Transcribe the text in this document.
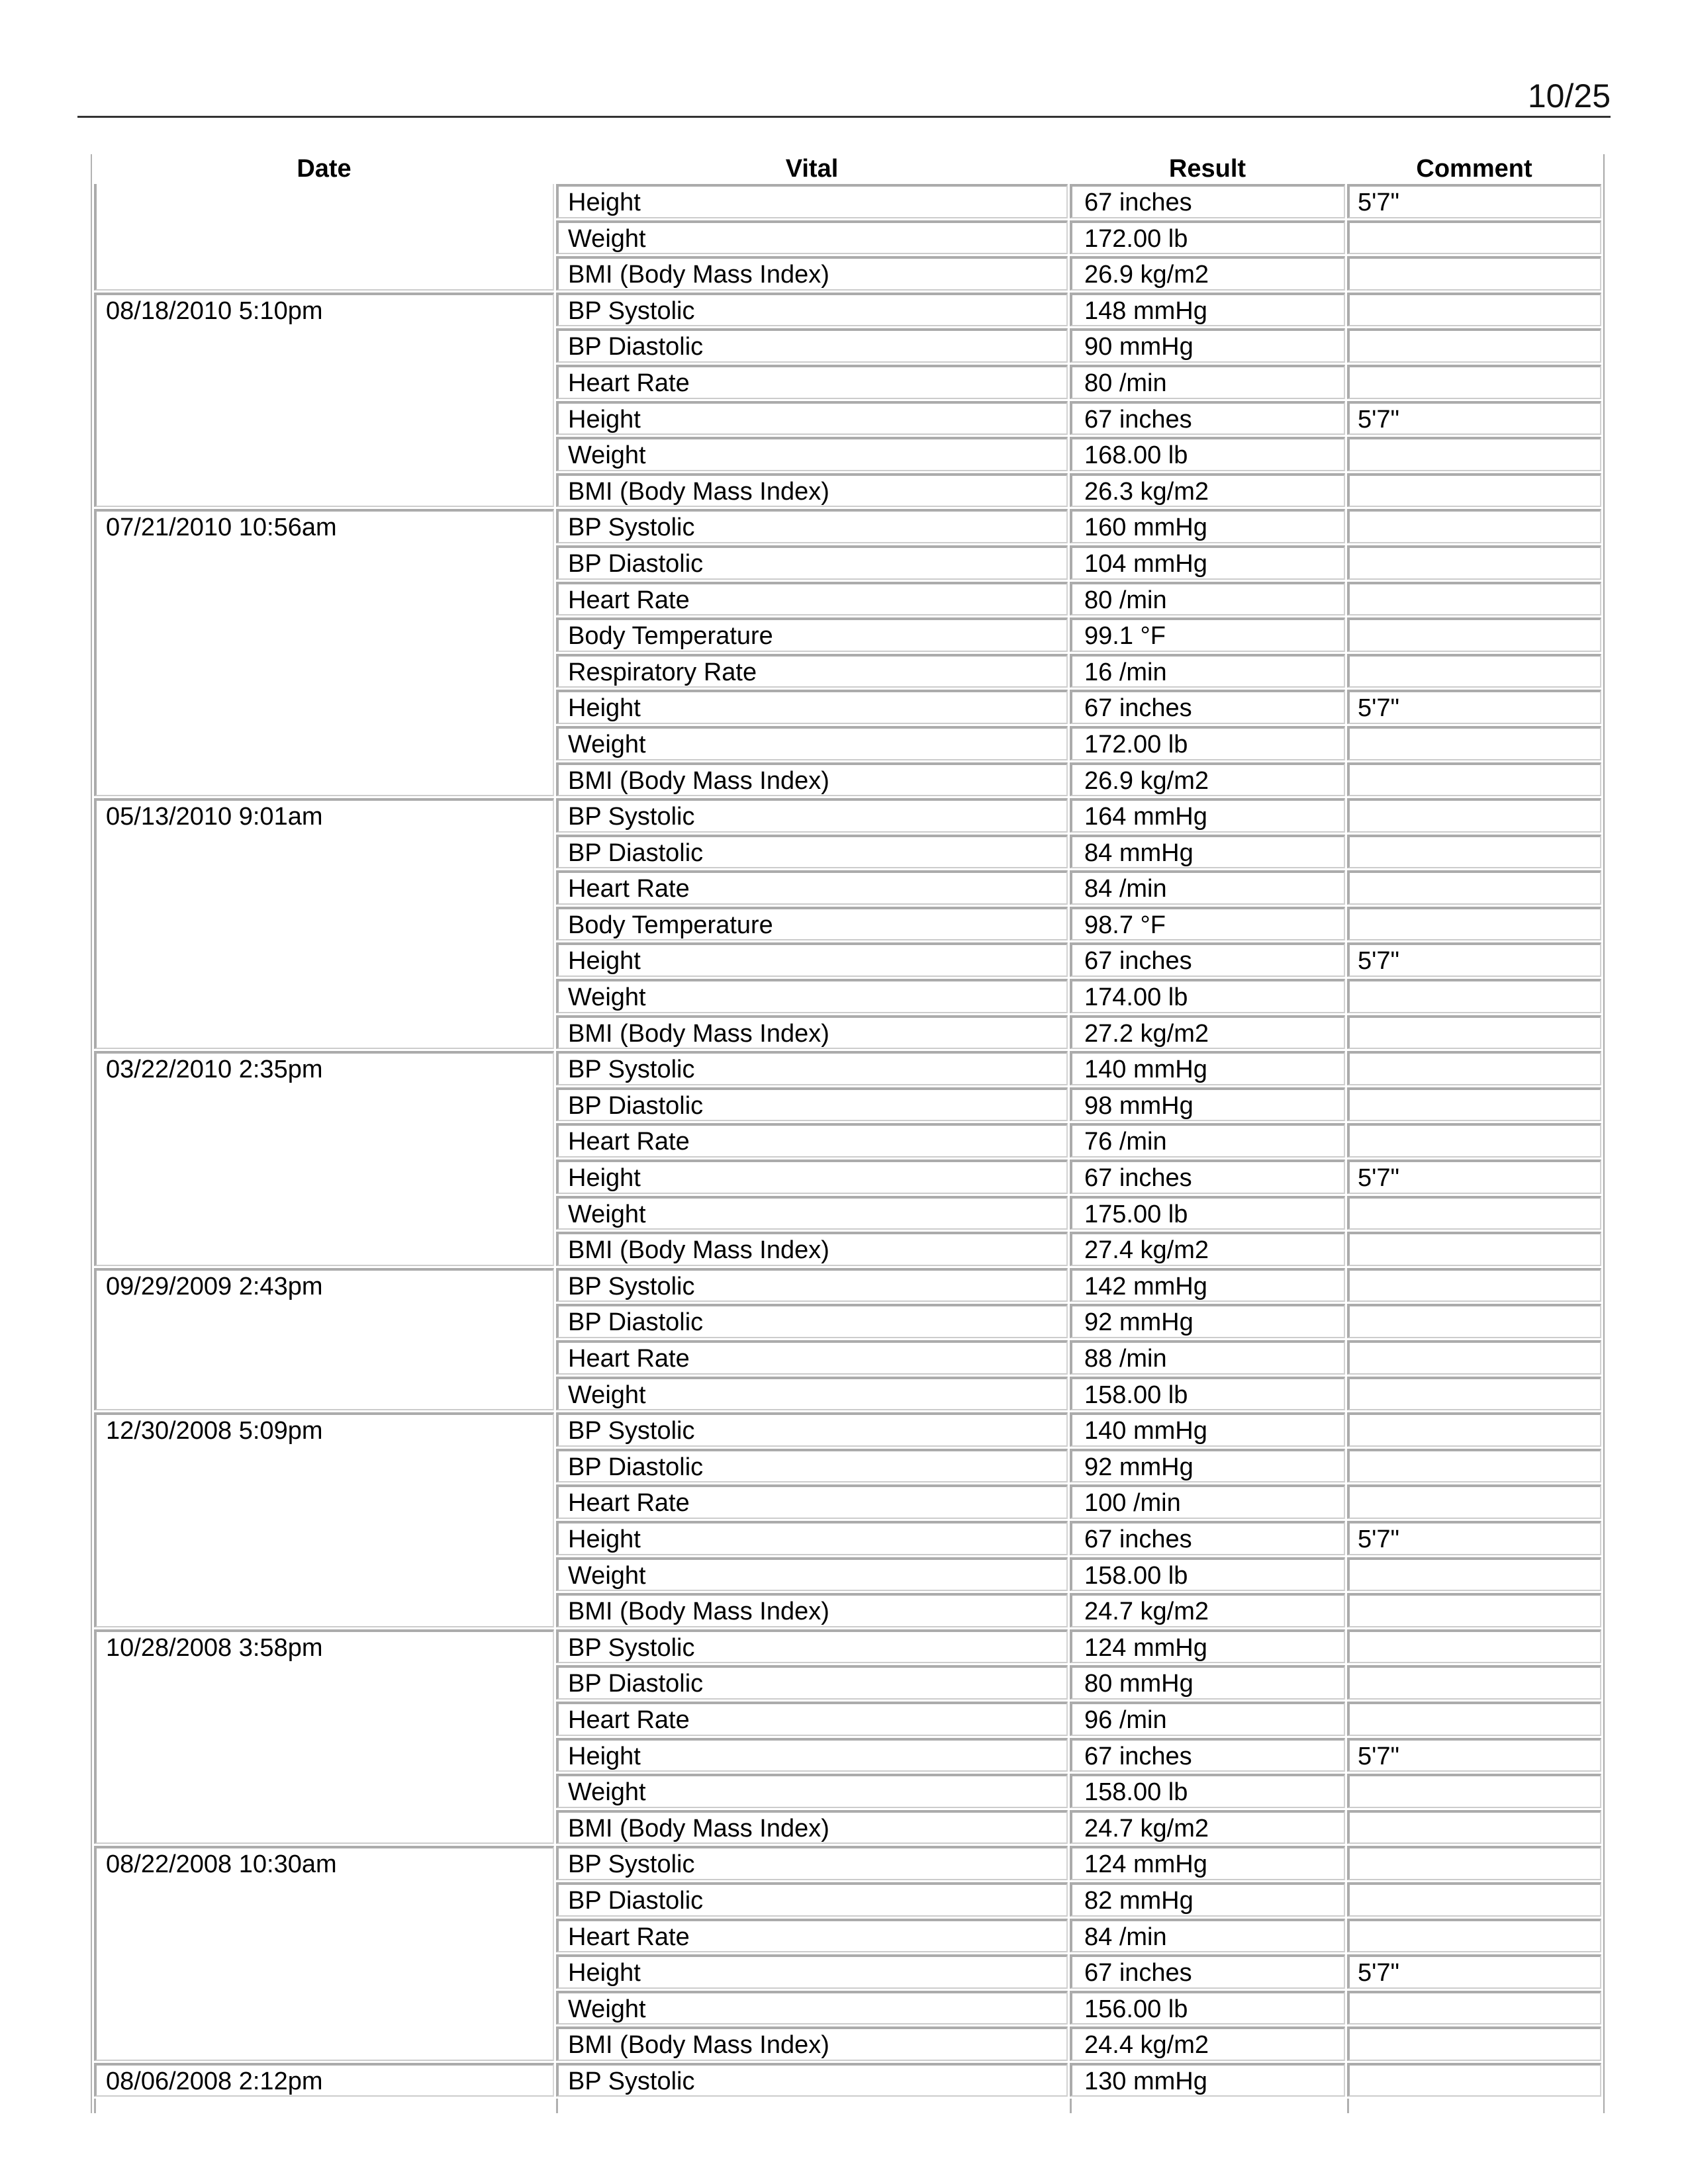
10/25
Date	Vital	Result	Comment
Height	67 inches	5'7"
Weight	172.00 lb
BMI (Body Mass Index)	26.9 kg/m2
08/18/2010 5:10pm	BP Systolic	148 mmHg
BP Diastolic	90 mmHg
Heart Rate	80 /min
Height	67 inches	5'7"
Weight	168.00 lb
BMI (Body Mass Index)	26.3 kg/m2
07/21/2010 10:56am	BP Systolic	160 mmHg
BP Diastolic	104 mmHg
Heart Rate	80 /min
Body Temperature	99.1 °F
Respiratory Rate	16 /min
Height	67 inches	5'7"
Weight	172.00 lb
BMI (Body Mass Index)	26.9 kg/m2
05/13/2010 9:01am	BP Systolic	164 mmHg
BP Diastolic	84 mmHg
Heart Rate	84 /min
Body Temperature	98.7 °F
Height	67 inches	5'7"
Weight	174.00 lb
BMI (Body Mass Index)	27.2 kg/m2
03/22/2010 2:35pm	BP Systolic	140 mmHg
BP Diastolic	98 mmHg
Heart Rate	76 /min
Height	67 inches	5'7"
Weight	175.00 lb
BMI (Body Mass Index)	27.4 kg/m2
09/29/2009 2:43pm	BP Systolic	142 mmHg
BP Diastolic	92 mmHg
Heart Rate	88 /min
Weight	158.00 lb
12/30/2008 5:09pm	BP Systolic	140 mmHg
BP Diastolic	92 mmHg
Heart Rate	100 /min
Height	67 inches	5'7"
Weight	158.00 lb
BMI (Body Mass Index)	24.7 kg/m2
10/28/2008 3:58pm	BP Systolic	124 mmHg
BP Diastolic	80 mmHg
Heart Rate	96 /min
Height	67 inches	5'7"
Weight	158.00 lb
BMI (Body Mass Index)	24.7 kg/m2
08/22/2008 10:30am	BP Systolic	124 mmHg
BP Diastolic	82 mmHg
Heart Rate	84 /min
Height	67 inches	5'7"
Weight	156.00 lb
BMI (Body Mass Index)	24.4 kg/m2
08/06/2008 2:12pm	BP Systolic	130 mmHg
